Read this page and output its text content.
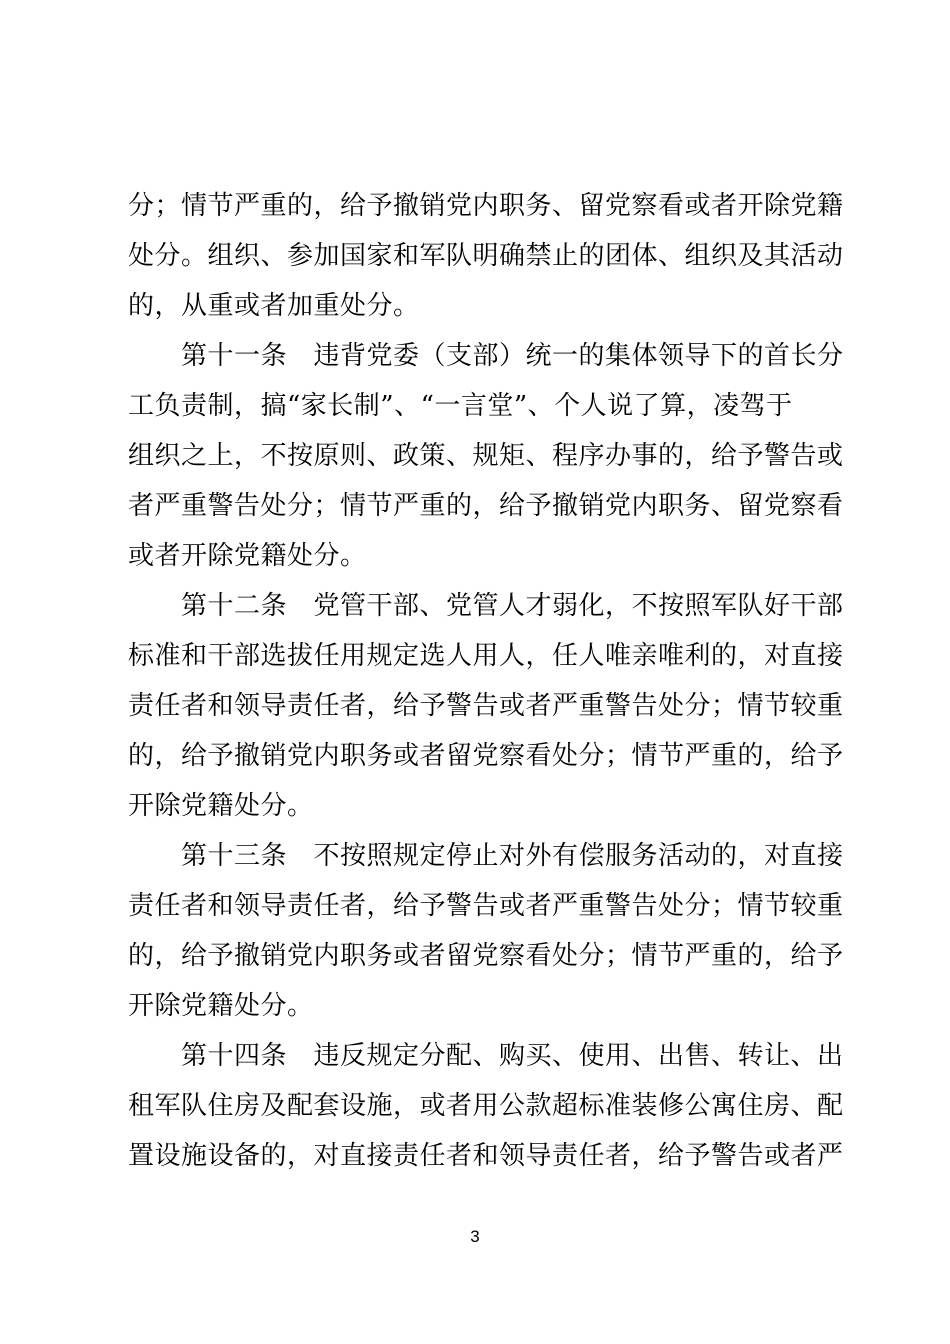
分；情节严重的，给予撤销党内职务、留党察看或者开除党籍
处分。组织、参加国家和军队明确禁止的团体、组织及其活动
的，从重或者加重处分。
　　第十一条　违背党委（支部）统一的集体领导下的首长分
工负责制，搞“家长制”、“一言堂”、个人说了算，凌驾于
组织之上，不按原则、政策、规矩、程序办事的，给予警告或
者严重警告处分；情节严重的，给予撤销党内职务、留党察看
或者开除党籍处分。
　　第十二条　党管干部、党管人才弱化，不按照军队好干部
标准和干部选拔任用规定选人用人，任人唯亲唯利的，对直接
责任者和领导责任者，给予警告或者严重警告处分；情节较重
的，给予撤销党内职务或者留党察看处分；情节严重的，给予
开除党籍处分。
　　第十三条　不按照规定停止对外有偿服务活动的，对直接
责任者和领导责任者，给予警告或者严重警告处分；情节较重
的，给予撤销党内职务或者留党察看处分；情节严重的，给予
开除党籍处分。
　　第十四条　违反规定分配、购买、使用、出售、转让、出
租军队住房及配套设施，或者用公款超标准装修公寓住房、配
置设施设备的，对直接责任者和领导责任者，给予警告或者严
3
